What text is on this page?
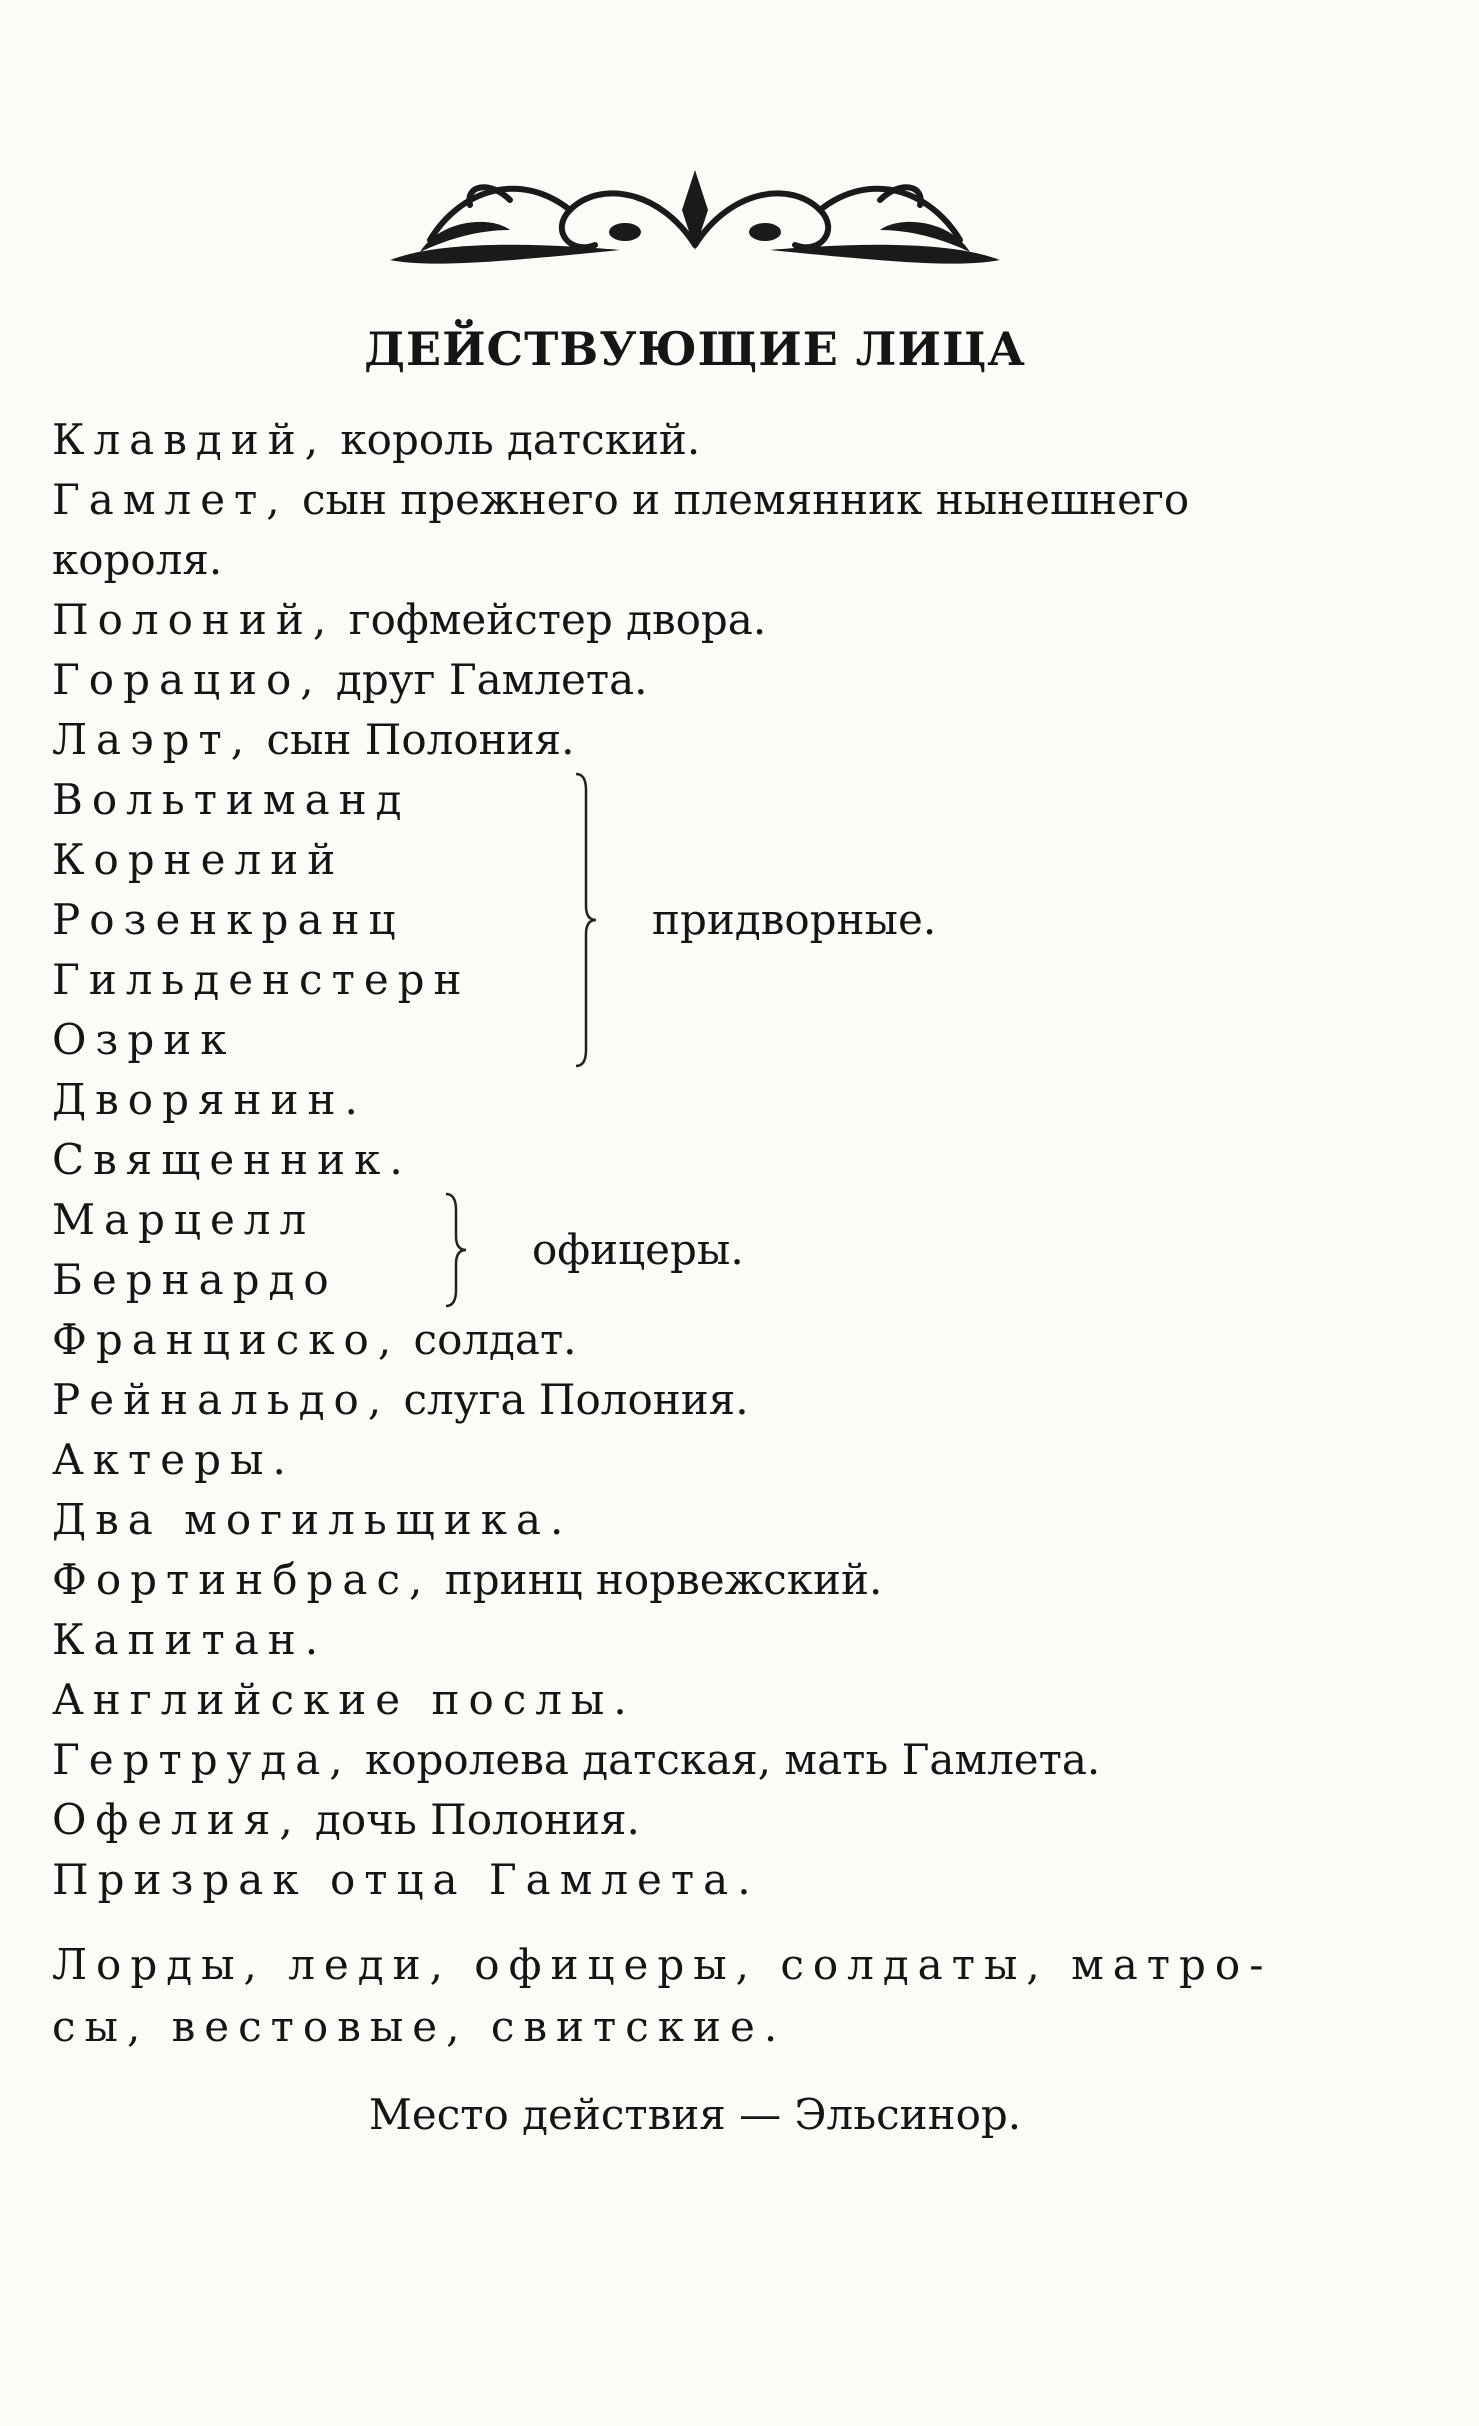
ДЕЙСТВУЮЩИЕ ЛИЦА
Клавдий, король датский.
Гамлет, сын прежнего и племянник нынешнего
короля.
Полоний, гофмейстер двора.
Горацио, друг Гамлета.
Лаэрт, сын Полония.
Вольтиманд
Корнелий
Розенкранц
Гильденстерн
Озрик
придворные.
Дворянин.
Священник.
Марцелл
Бернардо
офицеры.
Франциско, солдат.
Рейнальдо, слуга Полония.
Актеры.
Два могильщика.
Фортинбрас, принц норвежский.
Капитан.
Английские послы.
Гертруда, королева датская, мать Гамлета.
Офелия, дочь Полония.
Призрак отца Гамлета.
Лорды, леди, офицеры, солдаты, матро-
сы, вестовые, свитские.
Место действия — Эльсинор.
